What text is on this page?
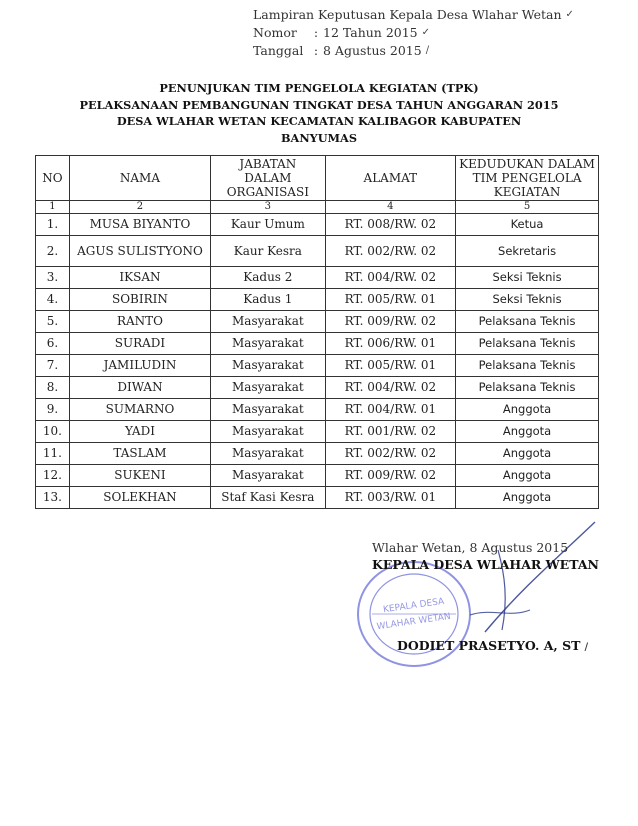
Lampiran Keputusan Kepala Desa Wlahar Wetan ✓
Nomor	: 12 Tahun 2015 ✓
Tanggal : 8 Agustus 2015 /
PENUNJUKAN TIM PENGELOLA KEGIATAN (TPK)
PELAKSANAAN PEMBANGUNAN TINGKAT DESA TAHUN ANGGARAN 2015
DESA WLAHAR WETAN KECAMATAN KALIBAGOR KABUPATEN
BANYUMAS
NO	NAMA	JABATAN DALAM ORGANISASI	ALAMAT	KEDUDUKAN DALAM TIM PENGELOLA KEGIATAN
1	2	3	4	5
1.	MUSA BIYANTO	Kaur Umum	RT. 008/RW. 02	Ketua
2.	AGUS SULISTYONO	Kaur Kesra	RT. 002/RW. 02	Sekretaris
3.	IKSAN	Kadus 2	RT. 004/RW. 02	Seksi Teknis
4.	SOBIRIN	Kadus 1	RT. 005/RW. 01	Seksi Teknis
5.	RANTO	Masyarakat	RT. 009/RW. 02	Pelaksana Teknis
6.	SURADI	Masyarakat	RT. 006/RW. 01	Pelaksana Teknis
7.	JAMILUDIN	Masyarakat	RT. 005/RW. 01	Pelaksana Teknis
8.	DIWAN	Masyarakat	RT. 004/RW. 02	Pelaksana Teknis
9.	SUMARNO	Masyarakat	RT. 004/RW. 01	Anggota
10.	YADI	Masyarakat	RT. 001/RW. 02	Anggota
11.	TASLAM	Masyarakat	RT. 002/RW. 02	Anggota
12.	SUKENI	Masyarakat	RT. 009/RW. 02	Anggota
13.	SOLEKHAN	Staf Kasi Kesra	RT. 003/RW. 01	Anggota
KEPALA DESA
WLAHAR WETAN
Wlahar Wetan, 8 Agustus 2015
KEPALA DESA WLAHAR WETAN
DODIET PRASETYO. A, ST /
